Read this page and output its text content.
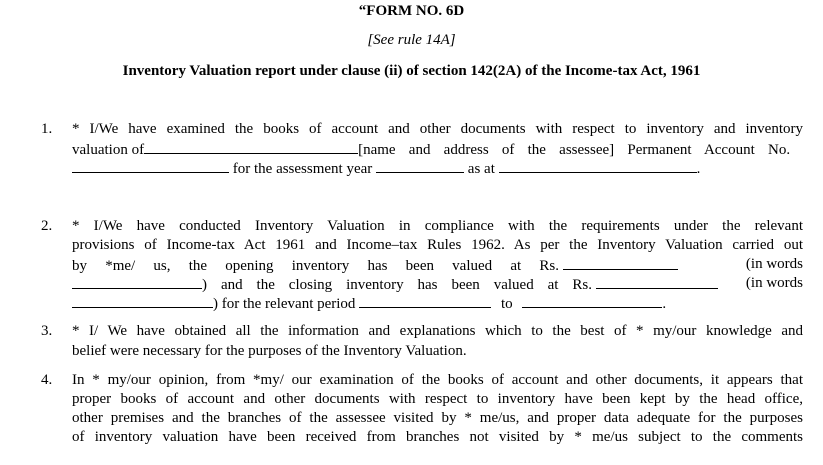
“FORM NO. 6D
[See rule 14A]
Inventory Valuation report under clause (ii) of section 142(2A) of the Income-tax Act, 1961
1. * I/We have examined the books of account and other documents with respect to inventory and inventory
valuation of	[name and address of the assessee] Permanent Account No.
for the assessment year	as at	.
2. * I/We have conducted Inventory Valuation in compliance with the requirements under the relevant
provisions of Income-tax Act 1961 and Income–tax Rules 1962. As per the Inventory Valuation carried out
by *me/ us, the opening inventory has been valued at Rs.	(in words
) and the closing inventory has been valued at Rs.	(in words
) for the relevant period	to	.
3. * I/ We have obtained all the information and explanations which to the best of * my/our knowledge and
belief were necessary for the purposes of the Inventory Valuation.
4. In * my/our opinion, from *my/ our examination of the books of account and other documents, it appears that
proper books of account and other documents with respect to inventory have been kept by the head office,
other premises and the branches of the assessee visited by * me/us, and proper data adequate for the purposes
of inventory valuation have been received from branches not visited by * me/us subject to the comments
